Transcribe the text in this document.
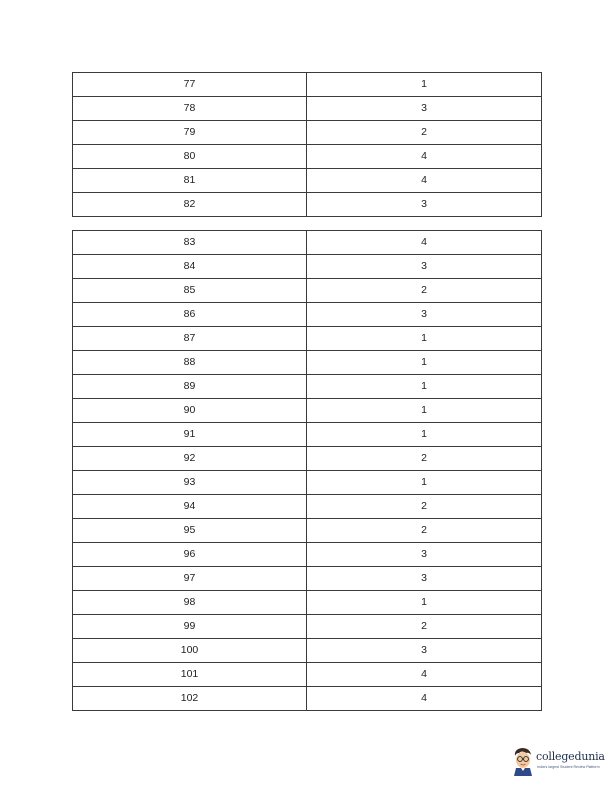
77	1
78	3
79	2
80	4
81	4
82	3
83	4
84	3
85	2
86	3
87	1
88	1
89	1
90	1
91	1
92	2
93	1
94	2
95	2
96	3
97	3
98	1
99	2
100	3
101	4
102	4
collegedunia
India's largest Student Review Platform
